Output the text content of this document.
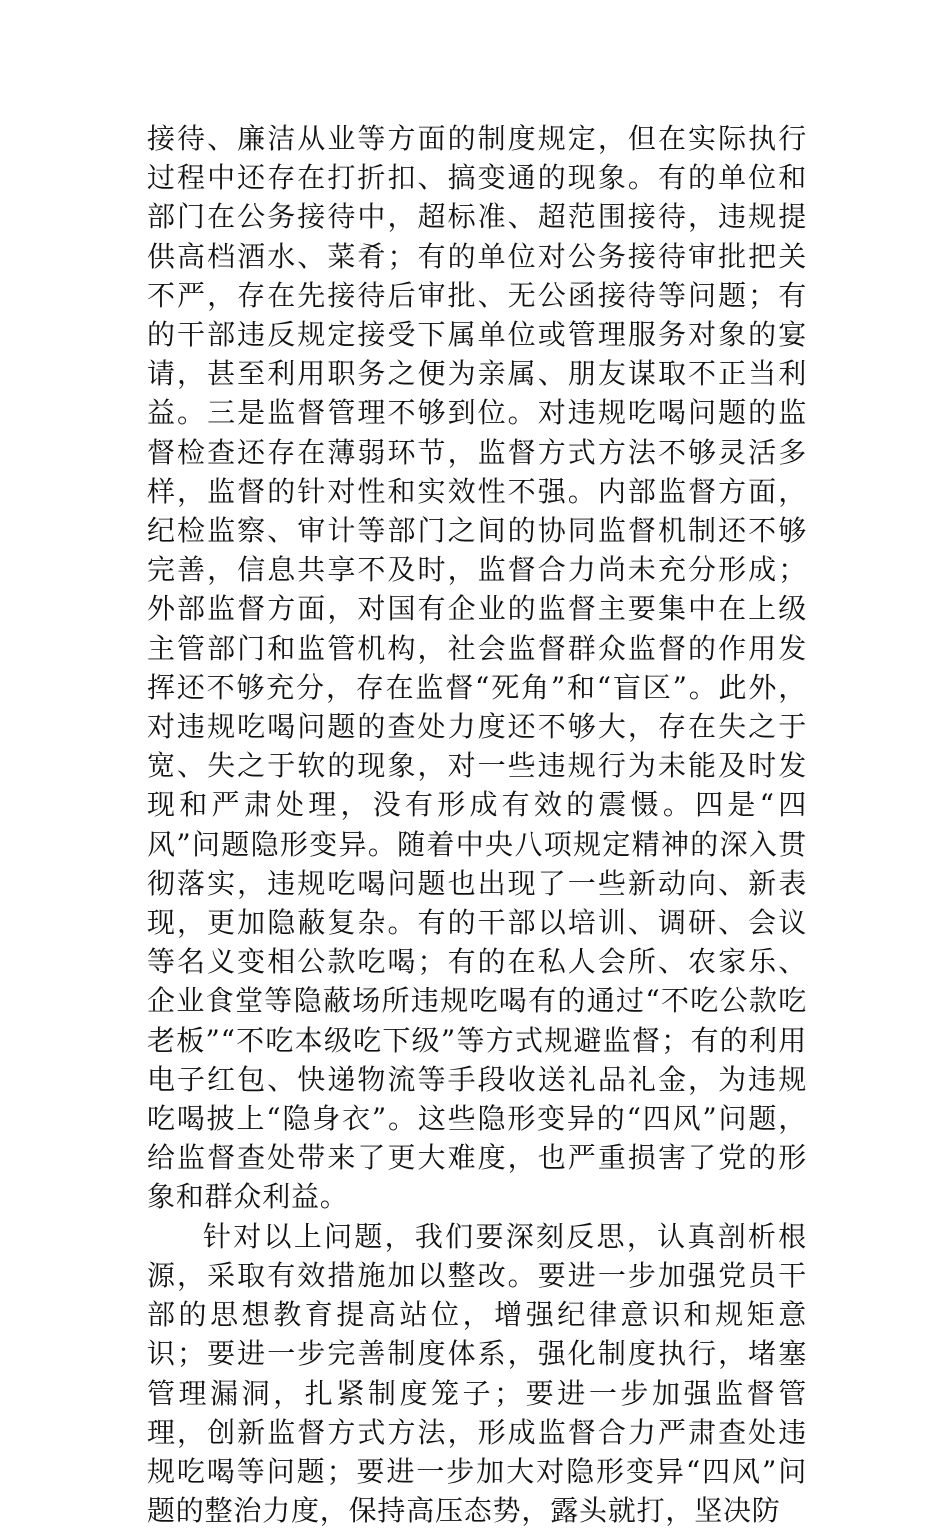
接待、廉洁从业等方面的制度规定，但在实际执行过程中还存在打折扣、搞变通的现象。有的单位和部门在公务接待中，超标准、超范围接待，违规提供高档酒水、菜肴；有的单位对公务接待审批把关不严，存在先接待后审批、无公函接待等问题；有的干部违反规定接受下属单位或管理服务对象的宴请，甚至利用职务之便为亲属、朋友谋取不正当利益。三是监督管理不够到位。对违规吃喝问题的监督检查还存在薄弱环节，监督方式方法不够灵活多样，监督的针对性和实效性不强。内部监督方面，纪检监察、审计等部门之间的协同监督机制还不够完善，信息共享不及时，监督合力尚未充分形成；外部监督方面，对国有企业的监督主要集中在上级主管部门和监管机构，社会监督群众监督的作用发挥还不够充分，存在监督“死角”和“盲区”。此外，对违规吃喝问题的查处力度还不够大，存在失之于宽、失之于软的现象，对一些违规行为未能及时发现和严肃处理，没有形成有效的震慑。四是“四风”问题隐形变异。随着中央八项规定精神的深入贯彻落实，违规吃喝问题也出现了一些新动向、新表现，更加隐蔽复杂。有的干部以培训、调研、会议等名义变相公款吃喝；有的在私人会所、农家乐、企业食堂等隐蔽场所违规吃喝有的通过“不吃公款吃老板”“不吃本级吃下级”等方式规避监督；有的利用电子红包、快递物流等手段收送礼品礼金，为违规吃喝披上“隐身衣”。这些隐形变异的“四风”问题，给监督查处带来了更大难度，也严重损害了党的形象和群众利益。

针对以上问题，我们要深刻反思，认真剖析根源，采取有效措施加以整改。要进一步加强党员干部的思想教育提高站位，增强纪律意识和规矩意识；要进一步完善制度体系，强化制度执行，堵塞管理漏洞，扎紧制度笼子；要进一步加强监督管理，创新监督方式方法，形成监督合力严肃查处违规吃喝等问题；要进一步加大对隐形变异“四风”问题的整治力度，保持高压态势，露头就打，坚决防
